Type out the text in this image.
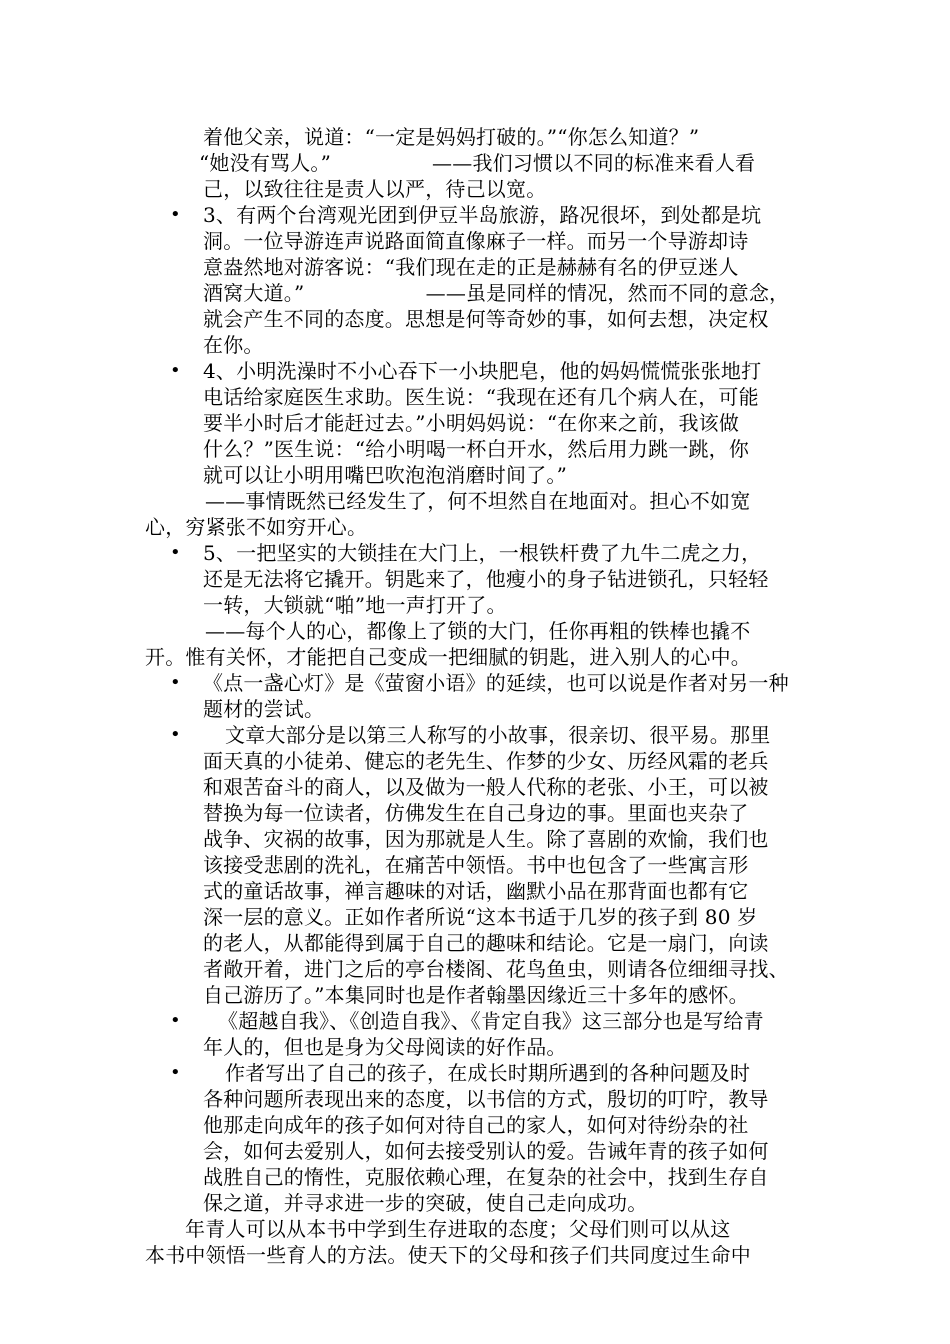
着他父亲，说道：“一定是妈妈打破的。”“你怎么知道？”
“她没有骂人。”　　　　　——我们习惯以不同的标准来看人看
己，以致往往是责人以严，待己以宽。
• 3、有两个台湾观光团到伊豆半岛旅游，路况很坏，到处都是坑
洞。一位导游连声说路面简直像麻子一样。而另一个导游却诗
意盎然地对游客说：“我们现在走的正是赫赫有名的伊豆迷人
酒窝大道。”　　　　　　——虽是同样的情况，然而不同的意念，
就会产生不同的态度。思想是何等奇妙的事，如何去想，决定权
在你。
• 4、小明洗澡时不小心吞下一小块肥皂，他的妈妈慌慌张张地打
电话给家庭医生求助。医生说：“我现在还有几个病人在，可能
要半小时后才能赶过去。”小明妈妈说：“在你来之前，我该做
什么？”医生说：“给小明喝一杯白开水，然后用力跳一跳，你
就可以让小明用嘴巴吹泡泡消磨时间了。”
——事情既然已经发生了，何不坦然自在地面对。担心不如宽
心，穷紧张不如穷开心。
• 5、一把坚实的大锁挂在大门上，一根铁杆费了九牛二虎之力，
还是无法将它撬开。钥匙来了，他瘦小的身子钻进锁孔，只轻轻
一转，大锁就“啪”地一声打开了。
——每个人的心，都像上了锁的大门，任你再粗的铁棒也撬不
开。惟有关怀，才能把自己变成一把细腻的钥匙，进入别人的心中。
• 《点一盏心灯》是《萤窗小语》的延续，也可以说是作者对另一种
题材的尝试。
• 文章大部分是以第三人称写的小故事，很亲切、很平易。那里
面天真的小徒弟、健忘的老先生、作梦的少女、历经风霜的老兵
和艰苦奋斗的商人，以及做为一般人代称的老张、小王，可以被
替换为每一位读者，仿佛发生在自己身边的事。里面也夹杂了
战争、灾祸的故事，因为那就是人生。除了喜剧的欢愉，我们也
该接受悲剧的洗礼，在痛苦中领悟。书中也包含了一些寓言形
式的童话故事，禅言趣味的对话，幽默小品在那背面也都有它
深一层的意义。正如作者所说“这本书适于几岁的孩子到 80 岁
的老人，从都能得到属于自己的趣味和结论。它是一扇门，向读
者敞开着，进门之后的亭台楼阁、花鸟鱼虫，则请各位细细寻找、
自己游历了。”本集同时也是作者翰墨因缘近三十多年的感怀。
• 《超越自我》、《创造自我》、《肯定自我》这三部分也是写给青
年人的，但也是身为父母阅读的好作品。
• 作者写出了自己的孩子，在成长时期所遇到的各种问题及时
各种问题所表现出来的态度，以书信的方式，殷切的叮咛，教导
他那走向成年的孩子如何对待自己的家人，如何对待纷杂的社
会，如何去爱别人，如何去接受别认的爱。告诫年青的孩子如何
战胜自己的惰性，克服依赖心理，在复杂的社会中，找到生存自
保之道，并寻求进一步的突破，使自己走向成功。
年青人可以从本书中学到生存进取的态度；父母们则可以从这
本书中领悟一些育人的方法。使天下的父母和孩子们共同度过生命中
